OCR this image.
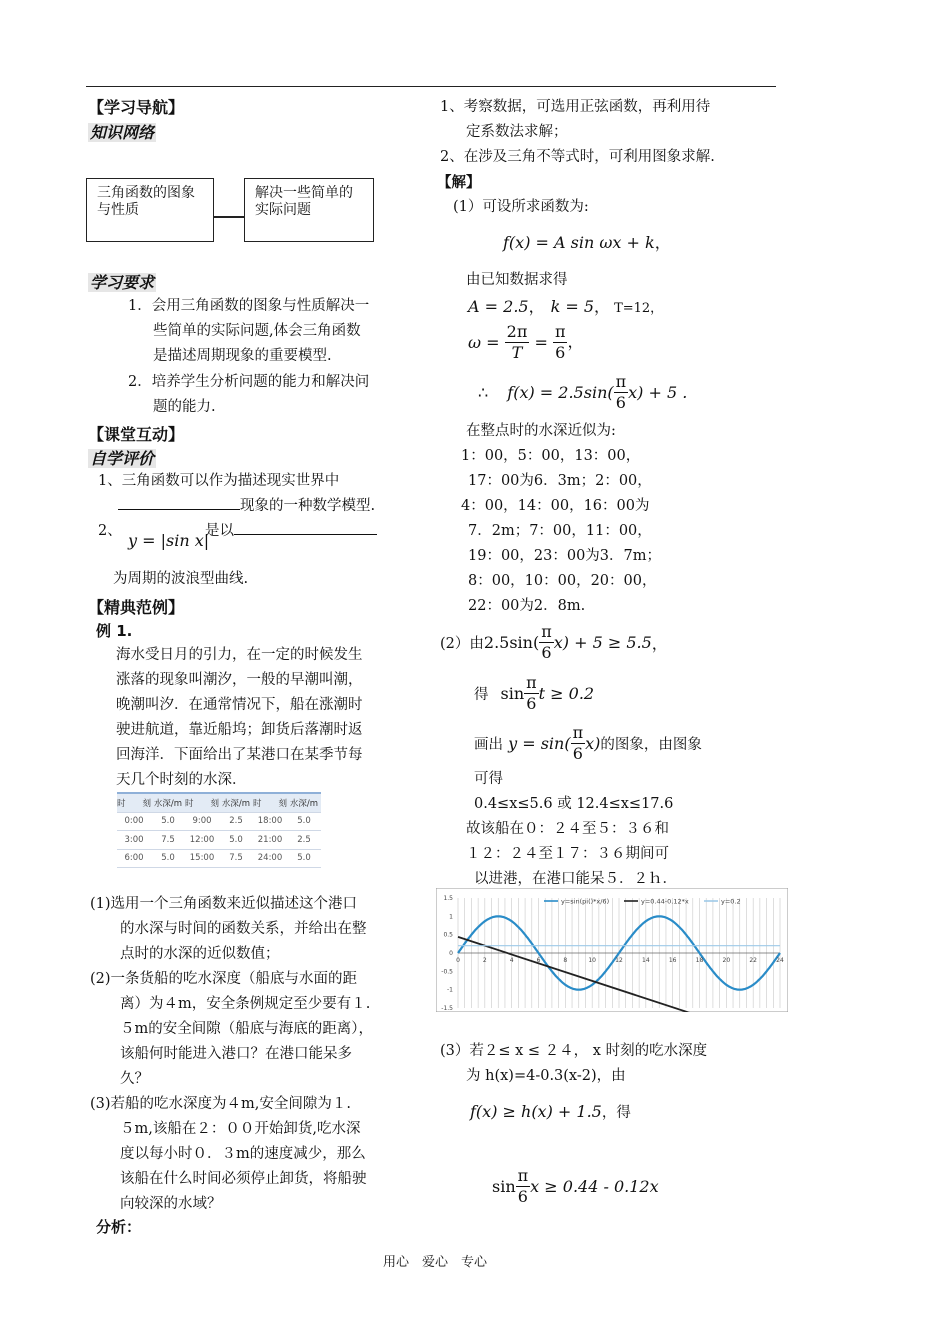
【学习导航】
知识网络
三角函数的图象与性质
解决一些简单的实际问题
学习要求
1．会用三角函数的图象与性质解决一
些简单的实际问题,体会三角函数
是描述周期现象的重要模型.
2．培养学生分析问题的能力和解决问
题的能力.
【课堂互动】
自学评价
1、三角函数可以作为描述现实世界中
现象的一种数学模型.
2、 y = |sin x|
是以
为周期的波浪型曲线.
【精典范例】
例 1.
海水受日月的引力，在一定的时候发生
涨落的现象叫潮汐，一般的早潮叫潮，
晚潮叫汐．在通常情况下，船在涨潮时
驶进航道，靠近船坞；卸货后落潮时返
回海洋．下面给出了某港口在某季节每
天几个时刻的水深．
时　　刻	水深/m	时　　刻	水深/m	时　　刻	水深/m
0:00	5.0	9:00	2.5	18:00	5.0
3:00	7.5	12:00	5.0	21:00	2.5
6:00	5.0	15:00	7.5	24:00	5.0
(1)选用一个三角函数来近似描述这个港口
的水深与时间的函数关系，并给出在整
点时的水深的近似数值；
(2)一条货船的吃水深度（船底与水面的距
离）为４m，安全条例规定至少要有１.
５m的安全间隙（船底与海底的距离），
该船何时能进入港口？在港口能呆多
久？
(3)若船的吃水深度为４m,安全间隙为１.
５m,该船在２：００开始卸货,吃水深
度以每小时０．３m的速度减少，那么
该船在什么时间必须停止卸货，将船驶
向较深的水域？
分析：
1、考察数据，可选用正弦函数，再利用待
定系数法求解；
2、在涉及三角不等式时，可利用图象求解.
【解】
(1）可设所求函数为:
f(x) = A sin ωx + k，
由已知数据求得
A = 2.5， k = 5， T=12，
$\omega = \frac{2\pi}{T} = \frac{\pi}{6}$ ，
∴ $f(x) = 2.5\sin( \frac{\pi}{6} x) + 5$ .
在整点时的水深近似为:
1：00，5：00，13：00，
17：00为6．3m；2：00，
4：00，14：00，16：00为
7．2m；7：00，11：00，
19：00，23：00为3．7m；
8：00，10：00，20：00，
22：00为2．8m.
(2）由$2.5\sin( \frac{\pi}{6} x) + 5 \ge 5.5$，
得 $\sin \frac{\pi}{6}$ t ≥ 0.2
画出 $y = \sin( \frac{\pi}{6} x)$的图象，由图象
可得
0.4≤x≤5.6 或 12.4≤x≤17.6
故该船在０：２４至５：３６和
１２：２４至１７：３６期间可
以进港，在港口能呆５．２ｈ．
y=sin(pi()*x/6)	y=0.44-0.12*x	y=0.2
0	2	4	6	8	10	12	14	16	18	20	22	24
1.5
1
0.5
0
-0.5
-1
-1.5
(3）若２≤ x ≤ ２４， x 时刻的吃水深度
为 h(x)=4-0.3(x-2)，由
f(x) ≥ h(x) + 1.5，得
$\sin \frac{\pi}{6}$ x ≥ 0.44 - 0.12x
用心　爱心　专心
